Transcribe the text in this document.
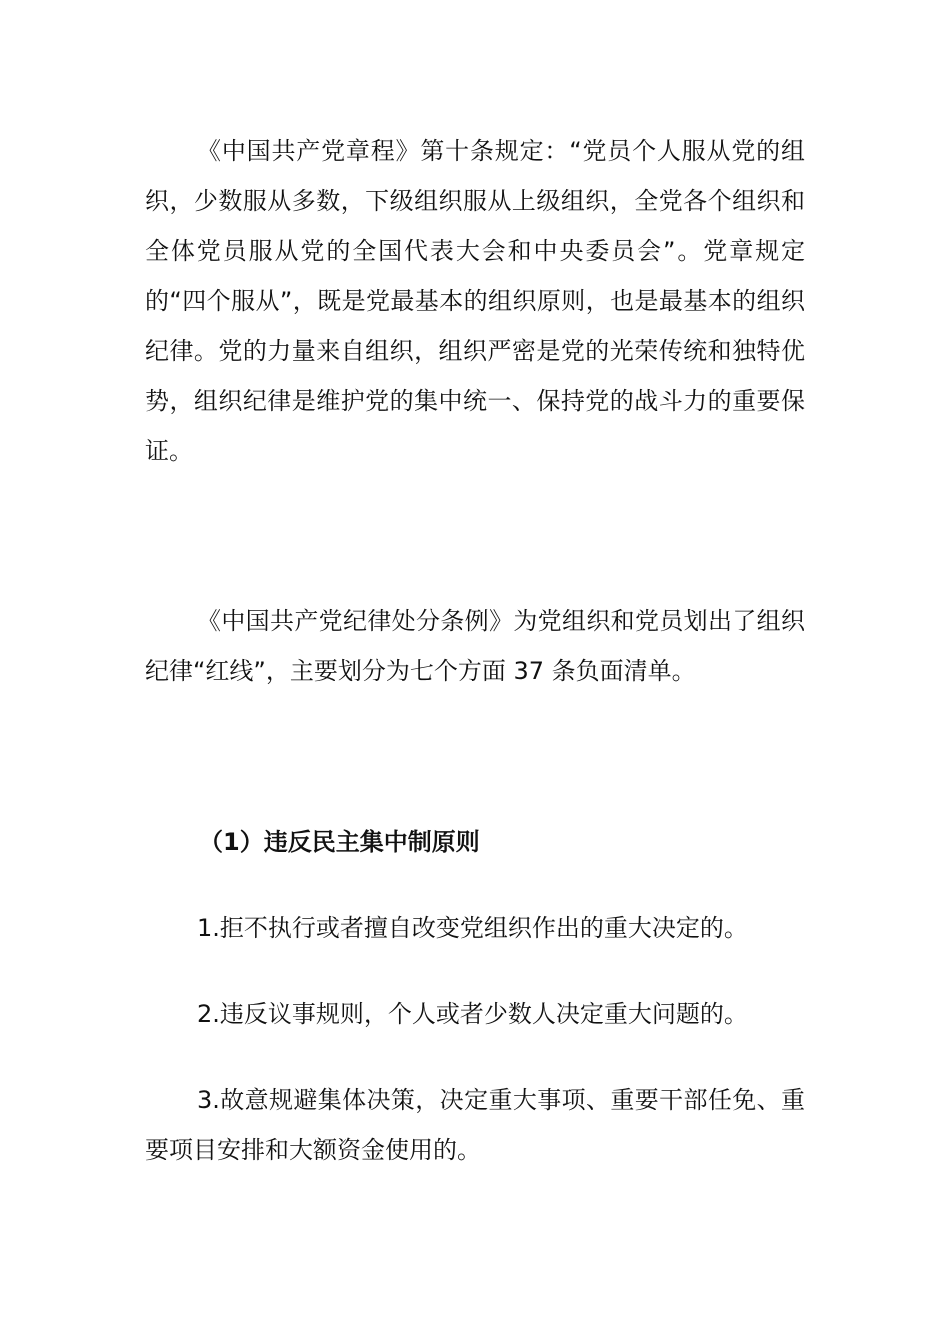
《中国共产党章程》第十条规定：“党员个人服从党的组织，少数服从多数，下级组织服从上级组织，全党各个组织和全体党员服从党的全国代表大会和中央委员会”。党章规定的“四个服从”，既是党最基本的组织原则，也是最基本的组织纪律。党的力量来自组织，组织严密是党的光荣传统和独特优势，组织纪律是维护党的集中统一、保持党的战斗力的重要保证。

《中国共产党纪律处分条例》为党组织和党员划出了组织纪律“红线”，主要划分为七个方面 37 条负面清单。

（1）违反民主集中制原则

1.拒不执行或者擅自改变党组织作出的重大决定的。

2.违反议事规则，个人或者少数人决定重大问题的。

3.故意规避集体决策，决定重大事项、重要干部任免、重要项目安排和大额资金使用的。
